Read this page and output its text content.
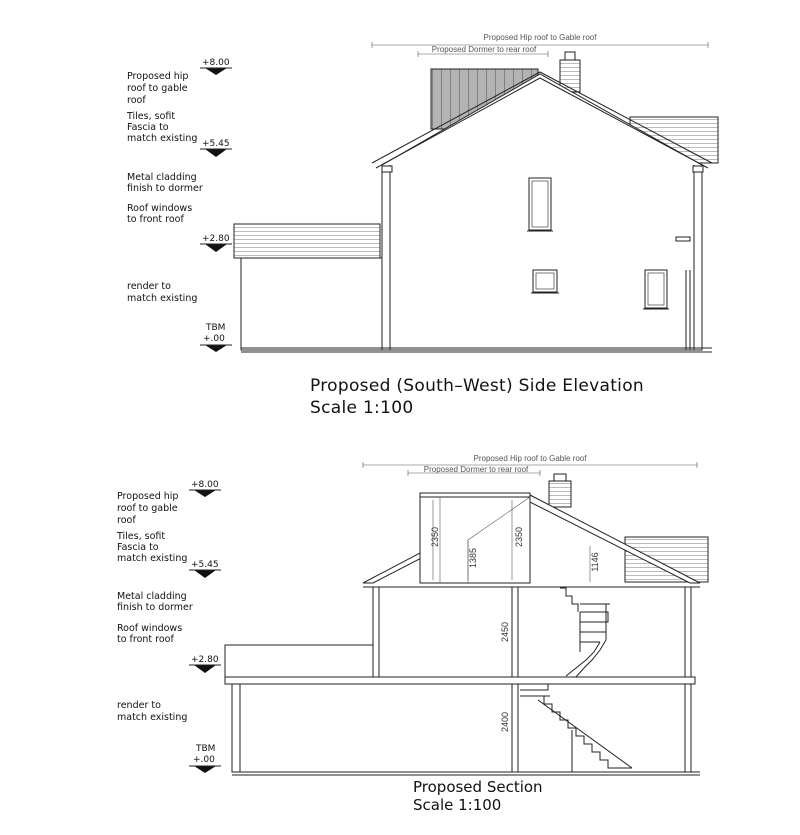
Proposed Hip roof to Gable roof
Proposed Dormer to rear roof
+8.00
+5.45
+2.80
TBM
+.00
Proposed hip
roof to gable
roof
Tiles, sofit
Fascia to
match existing
Metal cladding
finish to dormer
Roof windows
to front roof
render to
match existing
Proposed (South–West) Side Elevation
Scale 1:100
Proposed Hip roof to Gable roof
Proposed Dormer to rear roof
2350
1385
2350
1146
2450
2400
+8.00
+5.45
+2.80
TBM
+.00
Proposed hip
roof to gable
roof
Tiles, sofit
Fascia to
match existing
Metal cladding
finish to dormer
Roof windows
to front roof
render to
match existing
Proposed Section
Scale 1:100
